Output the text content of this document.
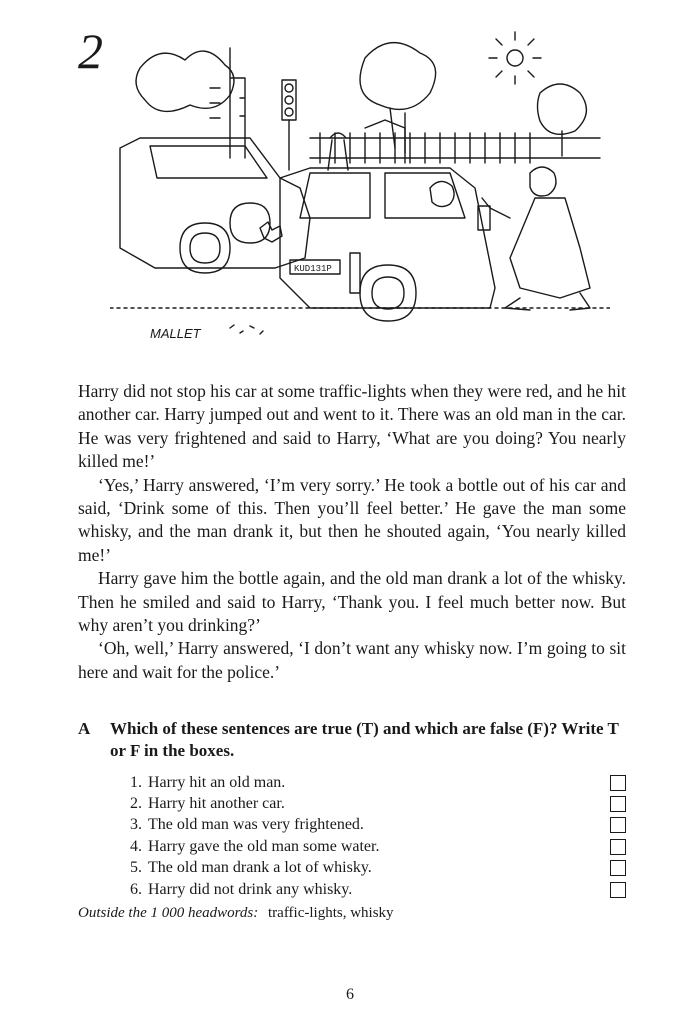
2
MALLET
KUD131P

Harry did not stop his car at some traffic-lights when they were red, and he hit another car. Harry jumped out and went to it. There was an old man in the car. He was very frightened and said to Harry, ‘What are you doing? You nearly killed me!’

‘Yes,’ Harry answered, ‘I’m very sorry.’ He took a bottle out of his car and said, ‘Drink some of this. Then you’ll feel better.’ He gave the man some whisky, and the man drank it, but then he shouted again, ‘You nearly killed me!’

Harry gave him the bottle again, and the old man drank a lot of the whisky. Then he smiled and said to Harry, ‘Thank you. I feel much better now. But why aren’t you drinking?’

‘Oh, well,’ Harry answered, ‘I don’t want any whisky now. I’m going to sit here and wait for the police.’

A	Which of these sentences are true (T) and which are false (F)? Write T or F in the boxes.
1. Harry hit an old man.
2. Harry hit another car.
3. The old man was very frightened.
4. Harry gave the old man some water.
5. The old man drank a lot of whisky.
6. Harry did not drink any whisky.
Outside the 1 000 headwords: traffic-lights, whisky
6
